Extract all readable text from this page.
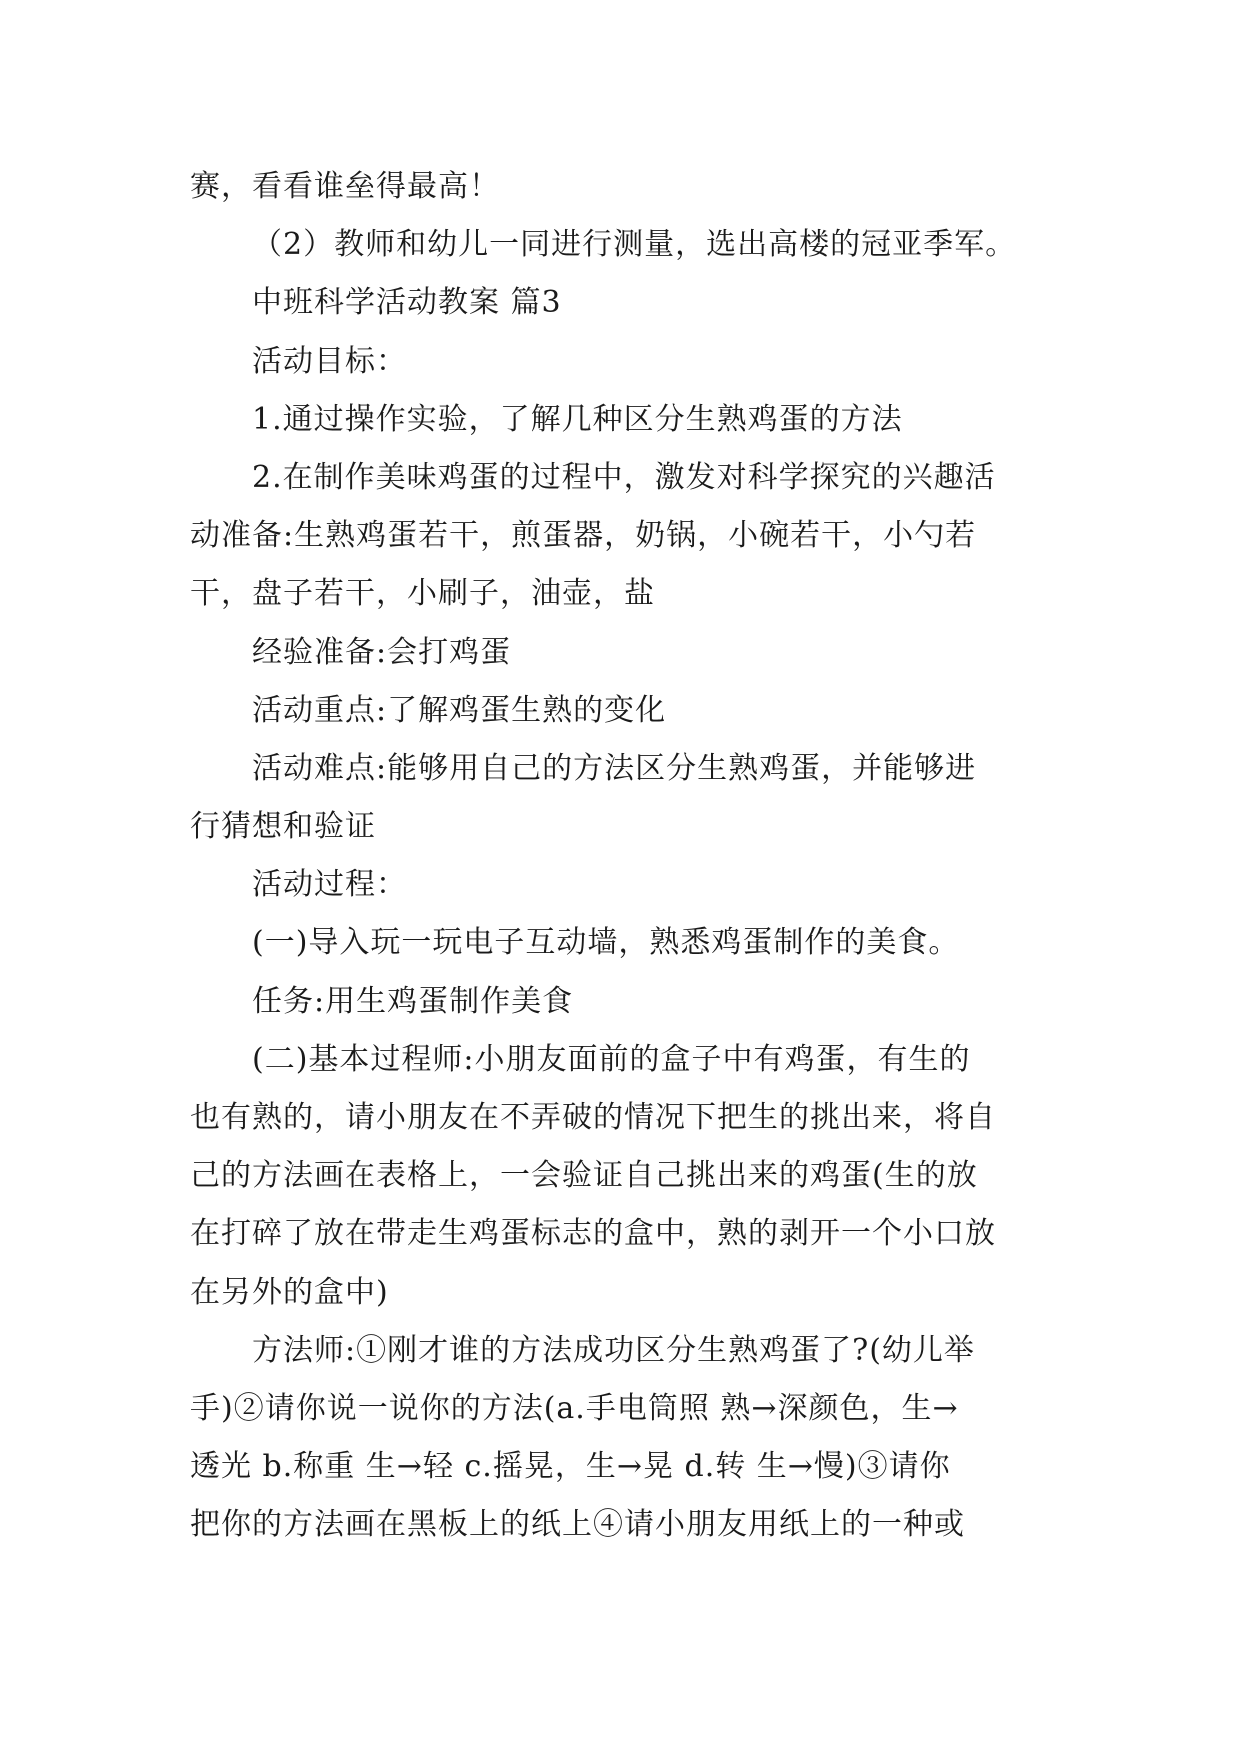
赛，看看谁垒得最高！
（2）教师和幼儿一同进行测量，选出高楼的冠亚季军。
中班科学活动教案 篇3
活动目标：
1.通过操作实验，了解几种区分生熟鸡蛋的方法
2.在制作美味鸡蛋的过程中，激发对科学探究的兴趣活
动准备:生熟鸡蛋若干，煎蛋器，奶锅，小碗若干，小勺若
干，盘子若干，小刷子，油壶，盐
经验准备:会打鸡蛋
活动重点:了解鸡蛋生熟的变化
活动难点:能够用自己的方法区分生熟鸡蛋，并能够进
行猜想和验证
活动过程：
(一)导入玩一玩电子互动墙，熟悉鸡蛋制作的美食。
任务:用生鸡蛋制作美食
(二)基本过程师:小朋友面前的盒子中有鸡蛋，有生的
也有熟的，请小朋友在不弄破的情况下把生的挑出来，将自
己的方法画在表格上，一会验证自己挑出来的鸡蛋(生的放
在打碎了放在带走生鸡蛋标志的盒中，熟的剥开一个小口放
在另外的盒中)
方法师:①刚才谁的方法成功区分生熟鸡蛋了?(幼儿举
手)②请你说一说你的方法(a.手电筒照 熟→深颜色，生→
透光 b.称重 生→轻 c.摇晃，生→晃 d.转 生→慢)③请你
把你的方法画在黑板上的纸上④请小朋友用纸上的一种或
